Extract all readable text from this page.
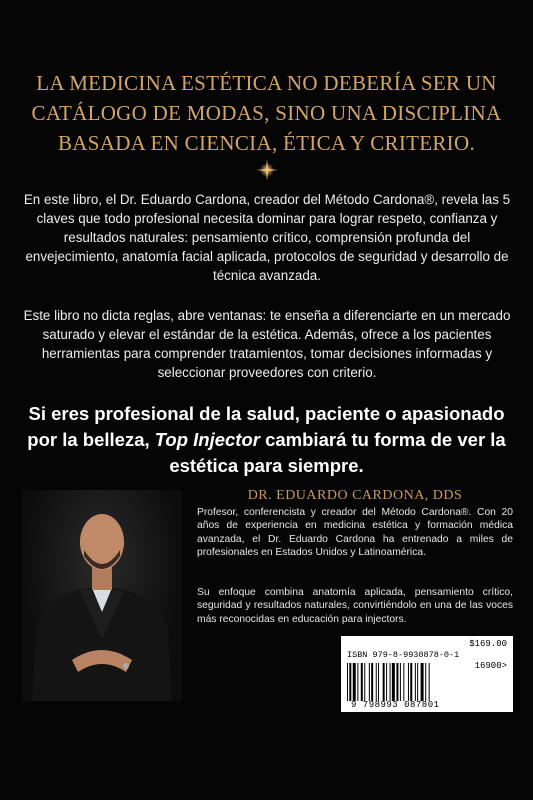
LA MEDICINA ESTÉTICA NO DEBERÍA SER UN
CATÁLOGO DE MODAS, SINO UNA DISCIPLINA
BASADA EN CIENCIA, ÉTICA Y CRITERIO.
En este libro, el Dr. Eduardo Cardona, creador del Método Cardona®, revela las 5 claves que todo profesional necesita dominar para lograr respeto, confianza y resultados naturales: pensamiento crítico, comprensión profunda del envejecimiento, anatomía facial aplicada, protocolos de seguridad y desarrollo de técnica avanzada.
Este libro no dicta reglas, abre ventanas: te enseña a diferenciarte en un mercado saturado y elevar el estándar de la estética. Además, ofrece a los pacientes herramientas para comprender tratamientos, tomar decisiones informadas y seleccionar proveedores con criterio.
Si eres profesional de la salud, paciente o apasionado por la belleza, Top Injector cambiará tu forma de ver la estética para siempre.
DR. EDUARDO CARDONA, DDS
Profesor, conferencista y creador del Método Cardona®. Con 20 años de experiencia en medicina estética y formación médica avanzada, el Dr. Eduardo Cardona ha entrenado a miles de profesionales en Estados Unidos y Latinoamérica.
Su enfoque combina anatomía aplicada, pensamiento crítico, seguridad y resultados naturales, convirtiéndolo en una de las voces más reconocidas en educación para injectors.
$169.00
ISBN 979-8-9930878-0-1
16900>
9 798993 087801
